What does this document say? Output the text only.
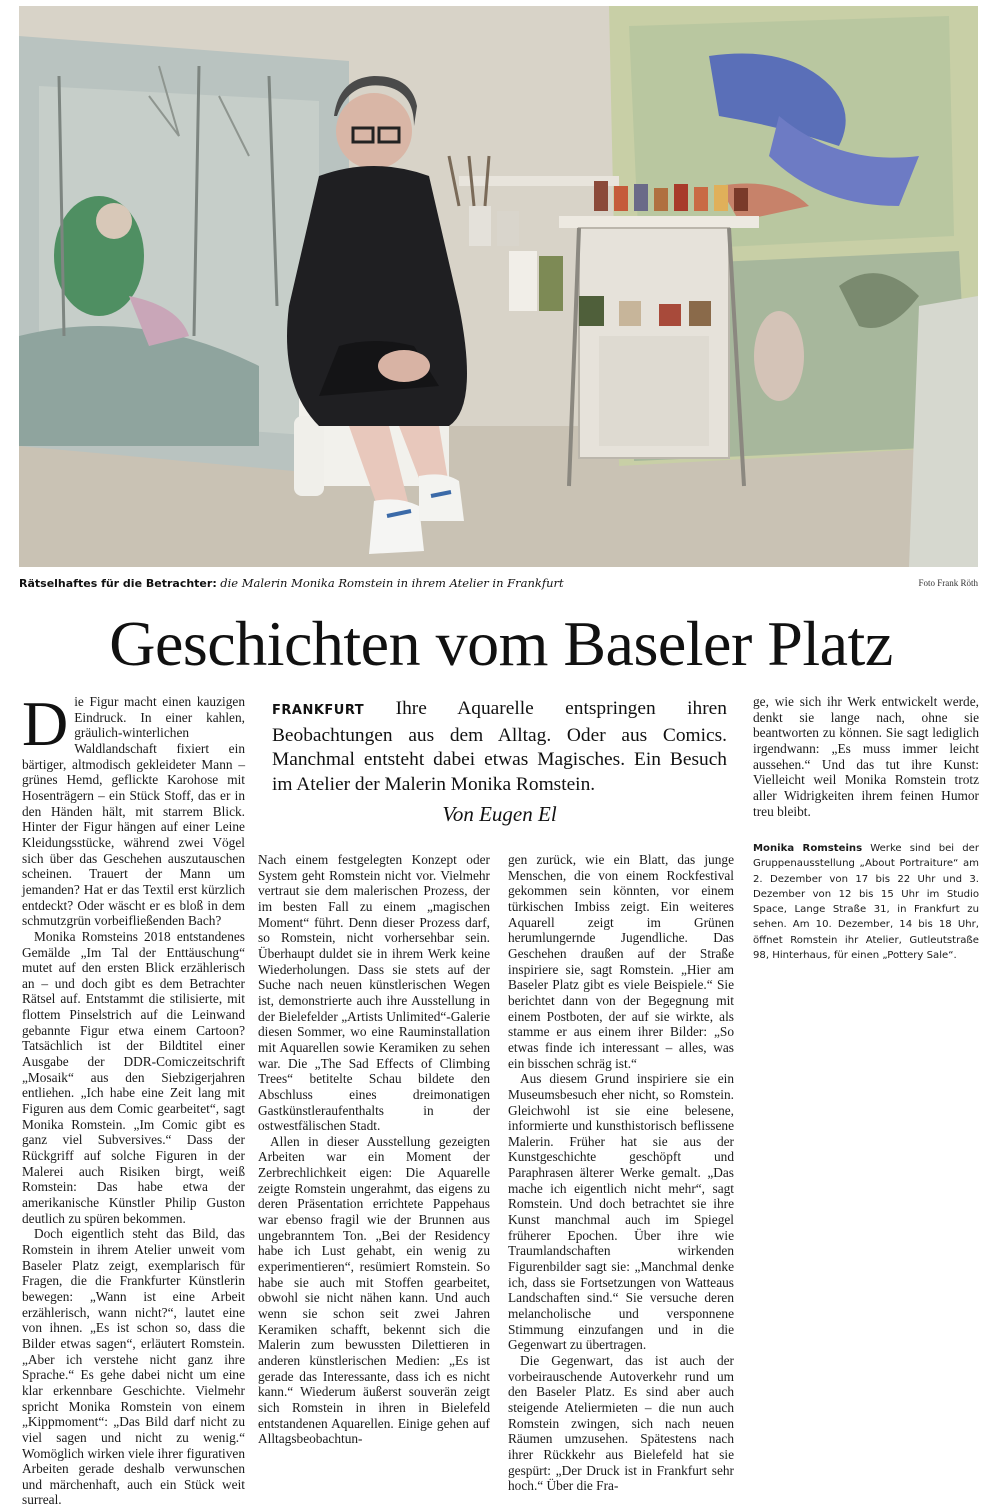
Rätselhaftes für die Betrachter: die Malerin Monika Romstein in ihrem Atelier in Frankfurt	Foto Frank Röth
Geschichten vom Baseler Platz
D ie Figur macht einen kauzigen Eindruck. In einer kahlen, gräulich-winterlichen Waldlandschaft fixiert ein bärtiger, altmodisch gekleideter Mann – grünes Hemd, geflickte Karohose mit Hosenträgern – ein Stück Stoff, das er in den Händen hält, mit starrem Blick. Hinter der Figur hängen auf einer Leine Kleidungsstücke, während zwei Vögel sich über das Geschehen auszutauschen scheinen. Trauert der Mann um jemanden? Hat er das Textil erst kürzlich entdeckt? Oder wäscht er es bloß in dem schmutzgrün vorbeifließenden Bach?

Monika Romsteins 2018 entstandenes Gemälde „Im Tal der Enttäuschung“ mutet auf den ersten Blick erzählerisch an – und doch gibt es dem Betrachter Rätsel auf. Entstammt die stilisierte, mit flottem Pinselstrich auf die Leinwand gebannte Figur etwa einem Cartoon? Tatsächlich ist der Bildtitel einer Ausgabe der DDR-Comiczeitschrift „Mosaik“ aus den Siebzigerjahren entliehen. „Ich habe eine Zeit lang mit Figuren aus dem Comic gearbeitet“, sagt Monika Romstein. „Im Comic gibt es ganz viel Subversives.“ Dass der Rückgriff auf solche Figuren in der Malerei auch Risiken birgt, weiß Romstein: Das habe etwa der amerikanische Künstler Philip Guston deutlich zu spüren bekommen.

Doch eigentlich steht das Bild, das Romstein in ihrem Atelier unweit vom Baseler Platz zeigt, exemplarisch für Fragen, die die Frankfurter Künstlerin bewegen: „Wann ist eine Arbeit erzählerisch, wann nicht?“, lautet eine von ihnen. „Es ist schon so, dass die Bilder etwas sagen“, erläutert Romstein. „Aber ich verstehe nicht ganz ihre Sprache.“ Es gehe dabei nicht um eine klar erkennbare Geschichte. Vielmehr spricht Monika Romstein von einem „Kippmoment“: „Das Bild darf nicht zu viel sagen und nicht zu wenig.“ Womöglich wirken viele ihrer figurativen Arbeiten gerade deshalb verwunschen und märchenhaft, auch ein Stück weit surreal.

FRANKFURT Ihre Aquarelle entspringen ihren Beobachtungen aus dem Alltag. Oder aus Comics. Manchmal entsteht dabei etwas Magisches. Ein Besuch im Atelier der Malerin Monika Romstein.
Von Eugen El

Nach einem festgelegten Konzept oder System geht Romstein nicht vor. Vielmehr vertraut sie dem malerischen Prozess, der im besten Fall zu einem „magischen Moment“ führt. Denn dieser Prozess darf, so Romstein, nicht vorhersehbar sein. Überhaupt duldet sie in ihrem Werk keine Wiederholungen. Dass sie stets auf der Suche nach neuen künstlerischen Wegen ist, demonstrierte auch ihre Ausstellung in der Bielefelder „Artists Unlimited“-Galerie diesen Sommer, wo eine Rauminstallation mit Aquarellen sowie Keramiken zu sehen war. Die „The Sad Effects of Climbing Trees“ betitelte Schau bildete den Abschluss eines dreimonatigen Gastkünstleraufenthalts in der ostwestfälischen Stadt.

Allen in dieser Ausstellung gezeigten Arbeiten war ein Moment der Zerbrechlichkeit eigen: Die Aquarelle zeigte Romstein ungerahmt, das eigens zu deren Präsentation errichtete Pappehaus war ebenso fragil wie der Brunnen aus ungebranntem Ton. „Bei der Residency habe ich Lust gehabt, ein wenig zu experimentieren“, resümiert Romstein. So habe sie auch mit Stoffen gearbeitet, obwohl sie nicht nähen kann. Und auch wenn sie schon seit zwei Jahren Keramiken schafft, bekennt sich die Malerin zum bewussten Dilettieren in anderen künstlerischen Medien: „Es ist gerade das Interessante, dass ich es nicht kann.“ Wiederum äußerst souverän zeigt sich Romstein in ihren in Bielefeld entstandenen Aquarellen. Einige gehen auf Alltagsbeobachtun-

gen zurück, wie ein Blatt, das junge Menschen, die von einem Rockfestival gekommen sein könnten, vor einem türkischen Imbiss zeigt. Ein weiteres Aquarell zeigt im Grünen herumlungernde Jugendliche. Das Geschehen draußen auf der Straße inspiriere sie, sagt Romstein. „Hier am Baseler Platz gibt es viele Beispiele.“ Sie berichtet dann von der Begegnung mit einem Postboten, der auf sie wirkte, als stamme er aus einem ihrer Bilder: „So etwas finde ich interessant – alles, was ein bisschen schräg ist.“

Aus diesem Grund inspiriere sie ein Museumsbesuch eher nicht, so Romstein. Gleichwohl ist sie eine belesene, informierte und kunsthistorisch beflissene Malerin. Früher hat sie aus der Kunstgeschichte geschöpft und Paraphrasen älterer Werke gemalt. „Das mache ich eigentlich nicht mehr“, sagt Romstein. Und doch betrachtet sie ihre Kunst manchmal auch im Spiegel früherer Epochen. Über ihre wie Traumlandschaften wirkenden Figurenbilder sagt sie: „Manchmal denke ich, dass sie Fortsetzungen von Watteaus Landschaften sind.“ Sie versuche deren melancholische und versponnene Stimmung einzufangen und in die Gegenwart zu übertragen.

Die Gegenwart, das ist auch der vorbeirauschende Autoverkehr rund um den Baseler Platz. Es sind aber auch steigende Ateliermieten – die nun auch Romstein zwingen, sich nach neuen Räumen umzusehen. Spätestens nach ihrer Rückkehr aus Bielefeld hat sie gespürt: „Der Druck ist in Frankfurt sehr hoch.“ Über die Fra-

ge, wie sich ihr Werk entwickelt werde, denkt sie lange nach, ohne sie beantworten zu können. Sie sagt lediglich irgendwann: „Es muss immer leicht aussehen.“ Und das tut ihre Kunst: Vielleicht weil Monika Romstein trotz aller Widrigkeiten ihrem feinen Humor treu bleibt.

Monika Romsteins Werke sind bei der Gruppenausstellung „About Portraiture“ am 2. Dezember von 17 bis 22 Uhr und 3. Dezember von 12 bis 15 Uhr im Studio Space, Lange Straße 31, in Frankfurt zu sehen. Am 10. Dezember, 14 bis 18 Uhr, öffnet Romstein ihr Atelier, Gutleutstraße 98, Hinterhaus, für einen „Pottery Sale“.
